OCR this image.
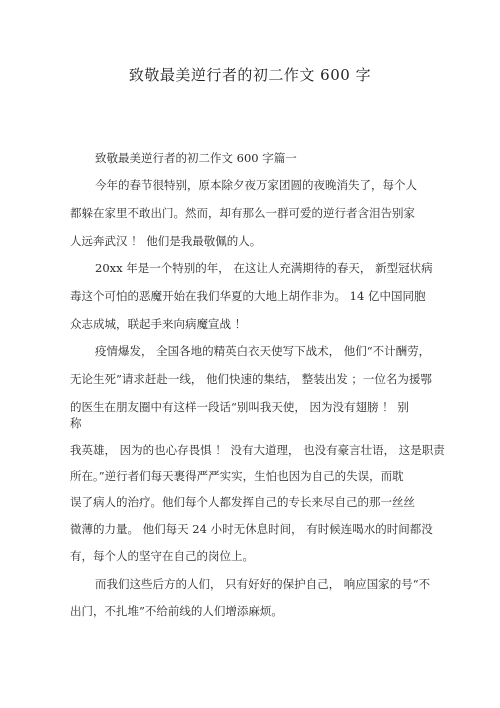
致敬最美逆行者的初二作文 600 字
致敬最美逆行者的初二作文 600 字篇一
今年的春节很特别，原本除夕夜万家团圆的夜晚消失了，每个人
都躲在家里不敢出门。然而，却有那么一群可爱的逆行者含泪告别家
人远奔武汉 ！ 他们是我最敬佩的人。
20xx 年是一个特别的年， 在这让人充满期待的春天， 新型冠状病
毒这个可怕的恶魔开始在我们华夏的大地上胡作非为。 14 亿中国同胞
众志成城，联起手来向病魔宣战 ！
疫情爆发， 全国各地的精英白衣天使写下战术， 他们“不计酬劳，
无论生死”请求赶赴一线， 他们快速的集结， 整装出发 ；一位名为援鄂
的医生在朋友圈中有这样一段话“别叫我天使， 因为没有翅膀 ！ 别
称
我英雄， 因为的也心存畏惧 ！ 没有大道理， 也没有豪言壮语， 这是职责
所在。”逆行者们每天裹得严严实实，生怕也因为自己的失误，而耽
误了病人的治疗。他们每个人都发挥自己的专长来尽自己的那一丝丝
微薄的力量。 他们每天 24 小时无休息时间， 有时候连喝水的时间都没
有，每个人的坚守在自己的岗位上。
而我们这些后方的人们， 只有好好的保护自己， 响应国家的号“不
出门，不扎堆”不给前线的人们增添麻烦。
